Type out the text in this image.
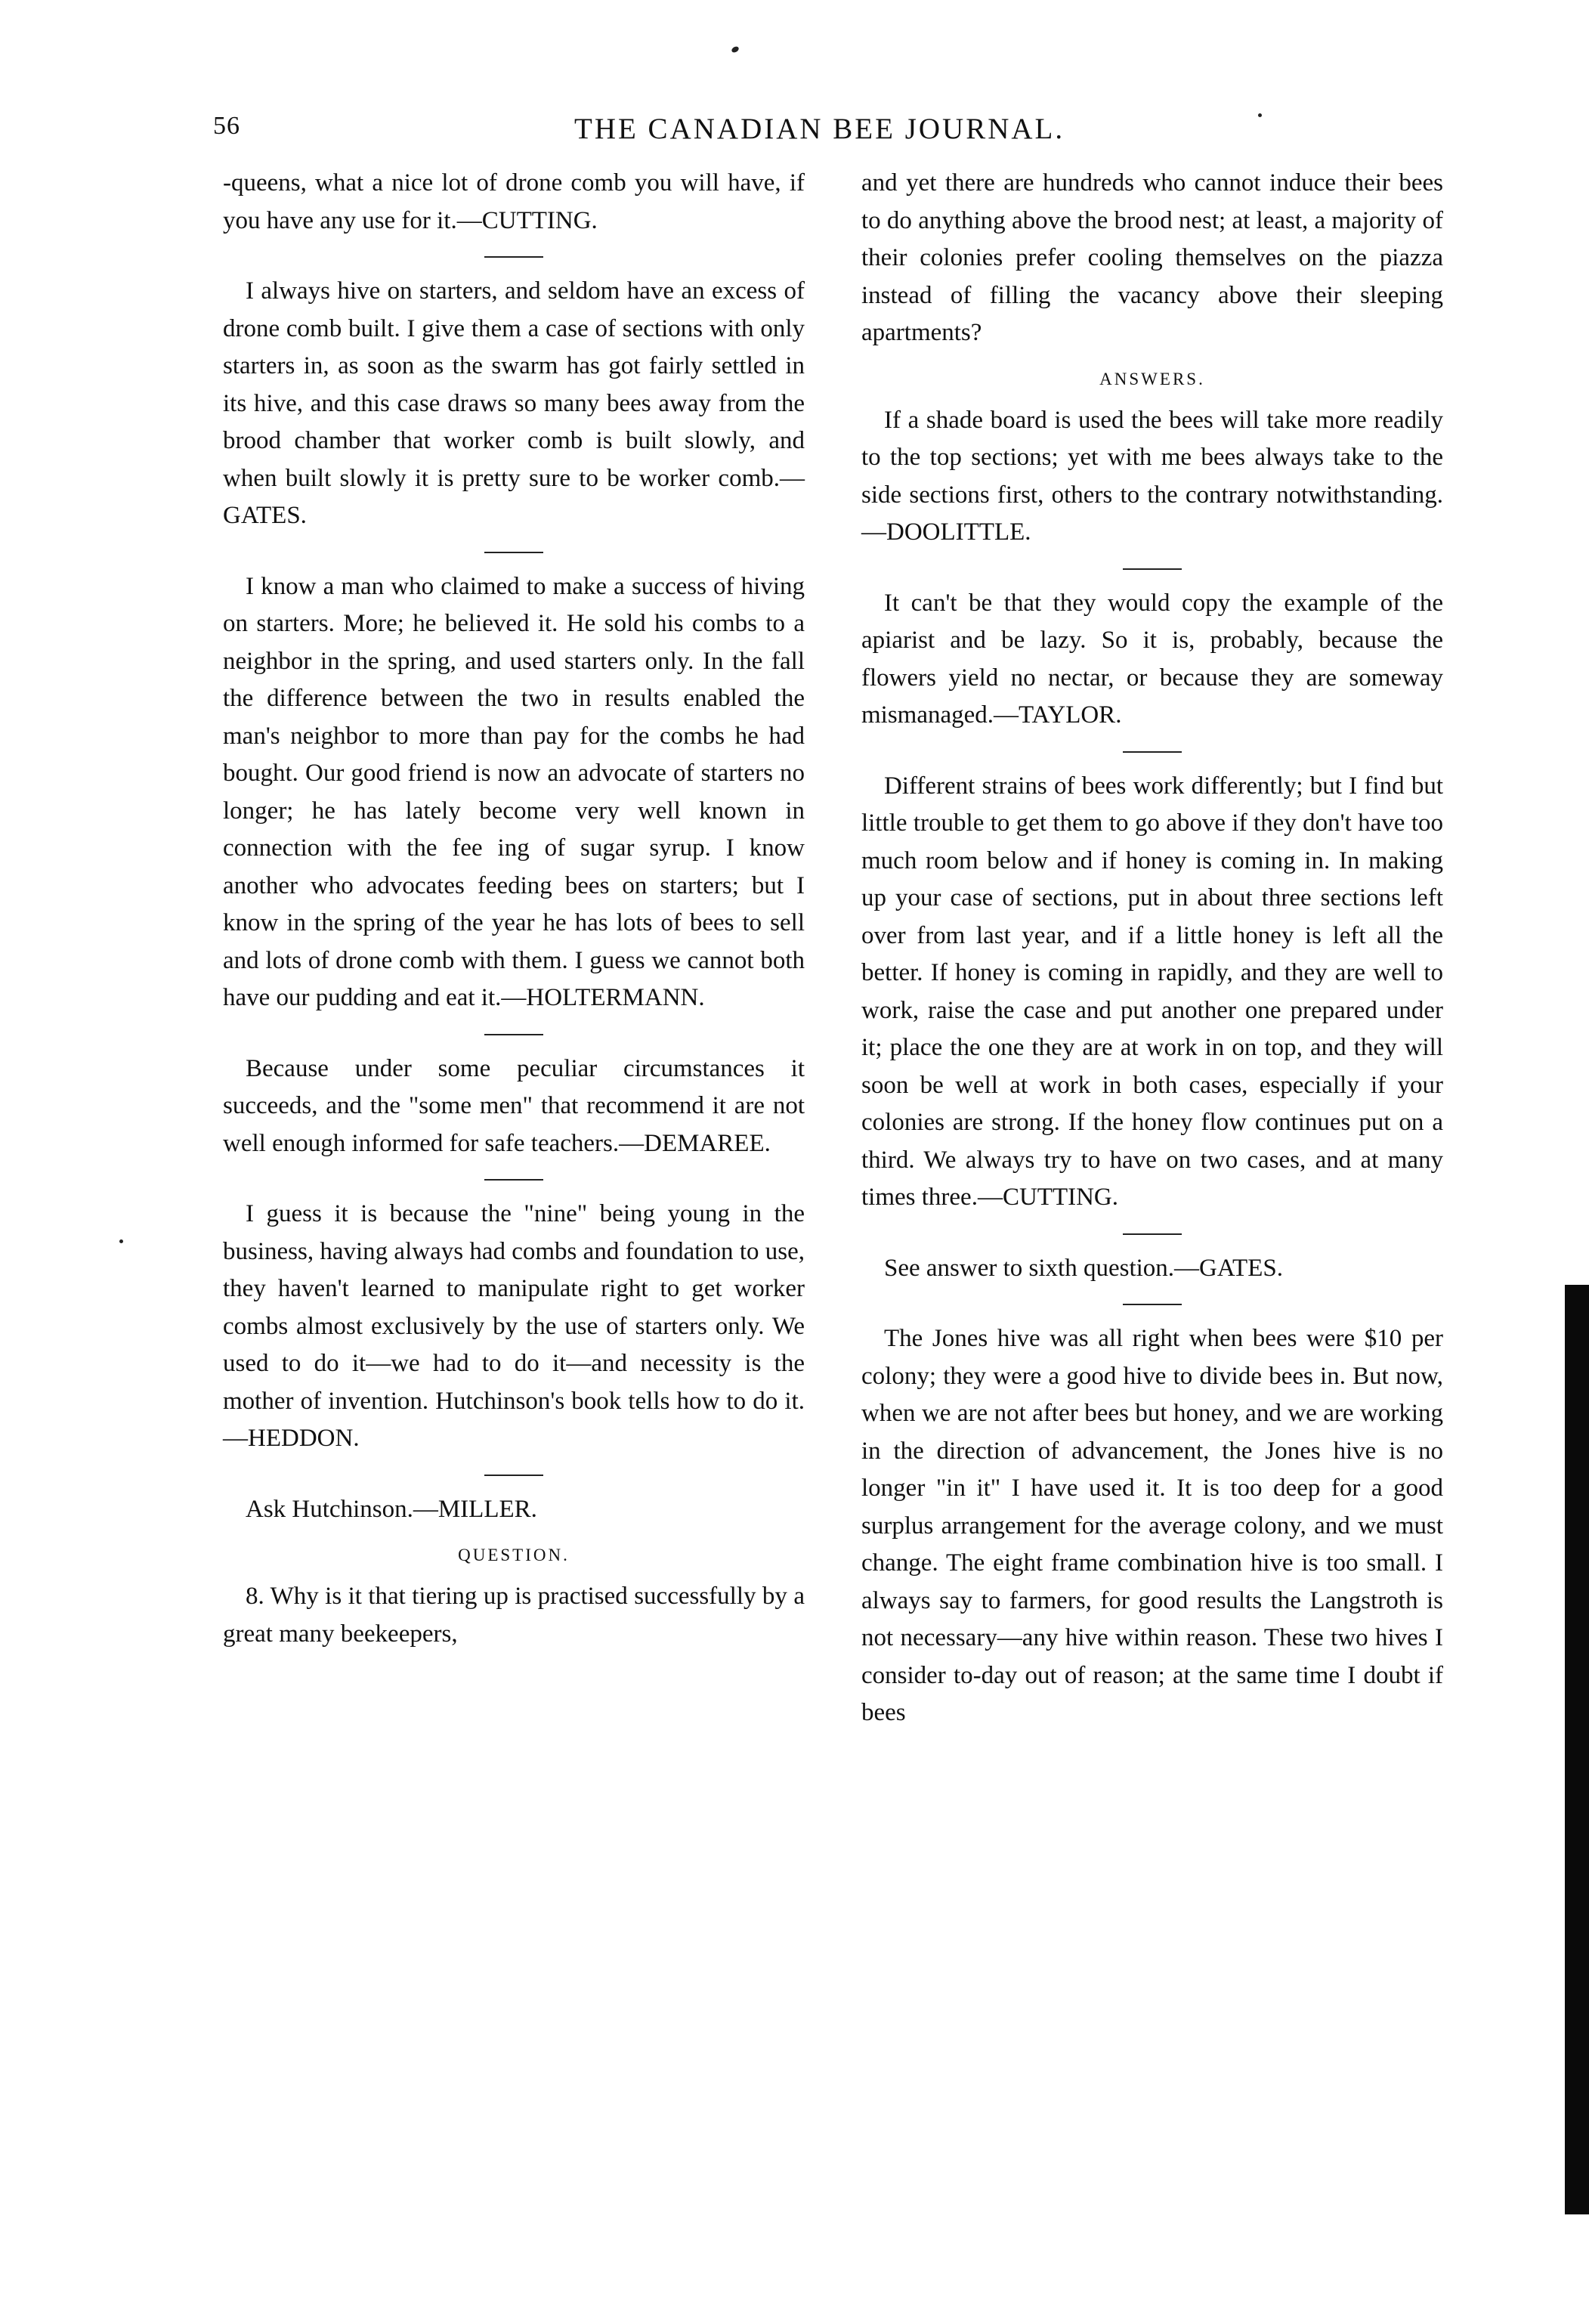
56	THE CANADIAN BEE JOURNAL.

-queens, what a nice lot of drone comb you will have, if you have any use for it.—CUTTING.

I always hive on starters, and seldom have an excess of drone comb built. I give them a case of sections with only starters in, as soon as the swarm has got fairly settled in its hive, and this case draws so many bees away from the brood chamber that worker comb is built slowly, and when built slowly it is pretty sure to be worker comb.—GATES.

I know a man who claimed to make a success of hiving on starters. More; he believed it. He sold his combs to a neighbor in the spring, and used starters only. In the fall the difference between the two in results enabled the man's neighbor to more than pay for the combs he had bought. Our good friend is now an advocate of starters no longer; he has lately become very well known in connection with the fee ing of sugar syrup. I know another who advocates feeding bees on starters; but I know in the spring of the year he has lots of bees to sell and lots of drone comb with them. I guess we cannot both have our pudding and eat it.—HOLTERMANN.

Because under some peculiar circumstances it succeeds, and the "some men" that recommend it are not well enough informed for safe teachers.—DEMAREE.

I guess it is because the "nine" being young in the business, having always had combs and foundation to use, they haven't learned to manipulate right to get worker combs almost exclusively by the use of starters only. We used to do it—we had to do it—and necessity is the mother of invention. Hutchinson's book tells how to do it.—HEDDON.

Ask Hutchinson.—MILLER.

QUESTION.

8. Why is it that tiering up is practised successfully by a great many beekeepers,

and yet there are hundreds who cannot induce their bees to do anything above the brood nest; at least, a majority of their colonies prefer cooling themselves on the piazza instead of filling the vacancy above their sleeping apartments?

ANSWERS.

If a shade board is used the bees will take more readily to the top sections; yet with me bees always take to the side sections first, others to the contrary notwithstanding.—DOOLITTLE.

It can't be that they would copy the example of the apiarist and be lazy. So it is, probably, because the flowers yield no nectar, or because they are someway mismanaged.—TAYLOR.

Different strains of bees work differently; but I find but little trouble to get them to go above if they don't have too much room below and if honey is coming in. In making up your case of sections, put in about three sections left over from last year, and if a little honey is left all the better. If honey is coming in rapidly, and they are well to work, raise the case and put another one prepared under it; place the one they are at work in on top, and they will soon be well at work in both cases, especially if your colonies are strong. If the honey flow continues put on a third. We always try to have on two cases, and at many times three.—CUTTING.

See answer to sixth question.—GATES.

The Jones hive was all right when bees were $10 per colony; they were a good hive to divide bees in. But now, when we are not after bees but honey, and we are working in the direction of advancement, the Jones hive is no longer "in it" I have used it. It is too deep for a good surplus arrangement for the average colony, and we must change. The eight frame combination hive is too small. I always say to farmers, for good results the Langstroth is not necessary—any hive within reason. These two hives I consider to-day out of reason; at the same time I doubt if bees
